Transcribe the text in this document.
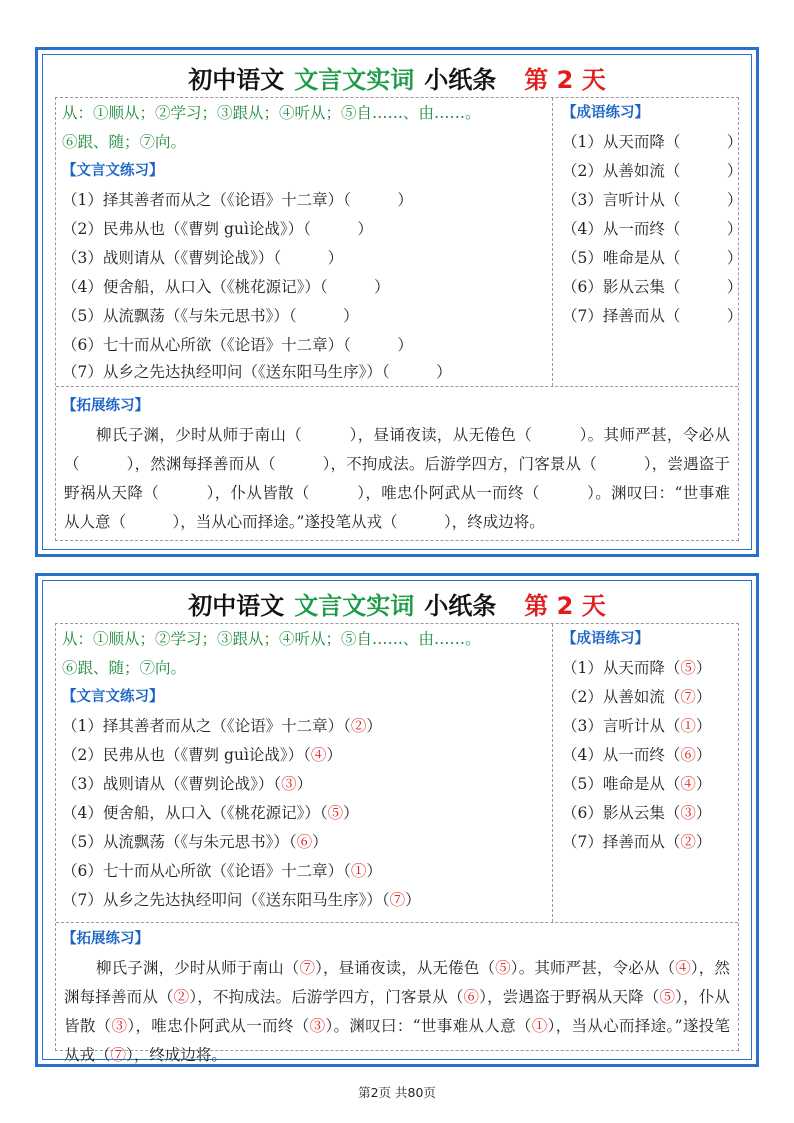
初中语文 文言文实词 小纸条 第 2 天
从：①顺从；②学习；③跟从；④听从；⑤自……、由……。
⑥跟、随；⑦向。
【文言文练习】
（1）择其善者而从之（《论语》十二章）（　　　）
（2）民弗从也（《曹刿 guì论战》）（　　　）
（3）战则请从（《曹刿论战》）（　　　）
（4）便舍船，从口入（《桃花源记》）（　　　）
（5）从流飘荡（《与朱元思书》）（　　　）
（6）七十而从心所欲（《论语》十二章）（　　　）
（7）从乡之先达执经叩问（《送东阳马生序》）（　　　）
【成语练习】
（1）从天而降（　　　）
（2）从善如流（　　　）
（3）言听计从（　　　）
（4）从一而终（　　　）
（5）唯命是从（　　　）
（6）影从云集（　　　）
（7）择善而从（　　　）
【拓展练习】
柳氏子渊，少时从师于南山（　　　），昼诵夜读，从无倦色（　　　）。其师严甚，令必从（　　　），然渊每择善而从（　　　），不拘成法。后游学四方，门客景从（　　　），尝遇盗于野祸从天降（　　　），仆从皆散（　　　），唯忠仆阿武从一而终（　　　）。渊叹曰：“世事难从人意（　　　），当从心而择途。”遂投笔从戎（　　　），终成边将。
初中语文 文言文实词 小纸条 第 2 天
从：①顺从；②学习；③跟从；④听从；⑤自……、由……。
⑥跟、随；⑦向。
【文言文练习】
（1）择其善者而从之（《论语》十二章）（②）
（2）民弗从也（《曹刿 guì论战》）（④）
（3）战则请从（《曹刿论战》）（③）
（4）便舍船，从口入（《桃花源记》）（⑤）
（5）从流飘荡（《与朱元思书》）（⑥）
（6）七十而从心所欲（《论语》十二章）（①）
（7）从乡之先达执经叩问（《送东阳马生序》）（⑦）
【成语练习】
（1）从天而降（⑤）
（2）从善如流（⑦）
（3）言听计从（①）
（4）从一而终（⑥）
（5）唯命是从（④）
（6）影从云集（③）
（7）择善而从（②）
【拓展练习】
柳氏子渊，少时从师于南山（⑦），昼诵夜读，从无倦色（⑤）。其师严甚，令必从（④），然渊每择善而从（②），不拘成法。后游学四方，门客景从（⑥），尝遇盗于野祸从天降（⑤），仆从皆散（③），唯忠仆阿武从一而终（③）。渊叹曰：“世事难从人意（①），当从心而择途。”遂投笔从戎（⑦），终成边将。
第2页 共80页
